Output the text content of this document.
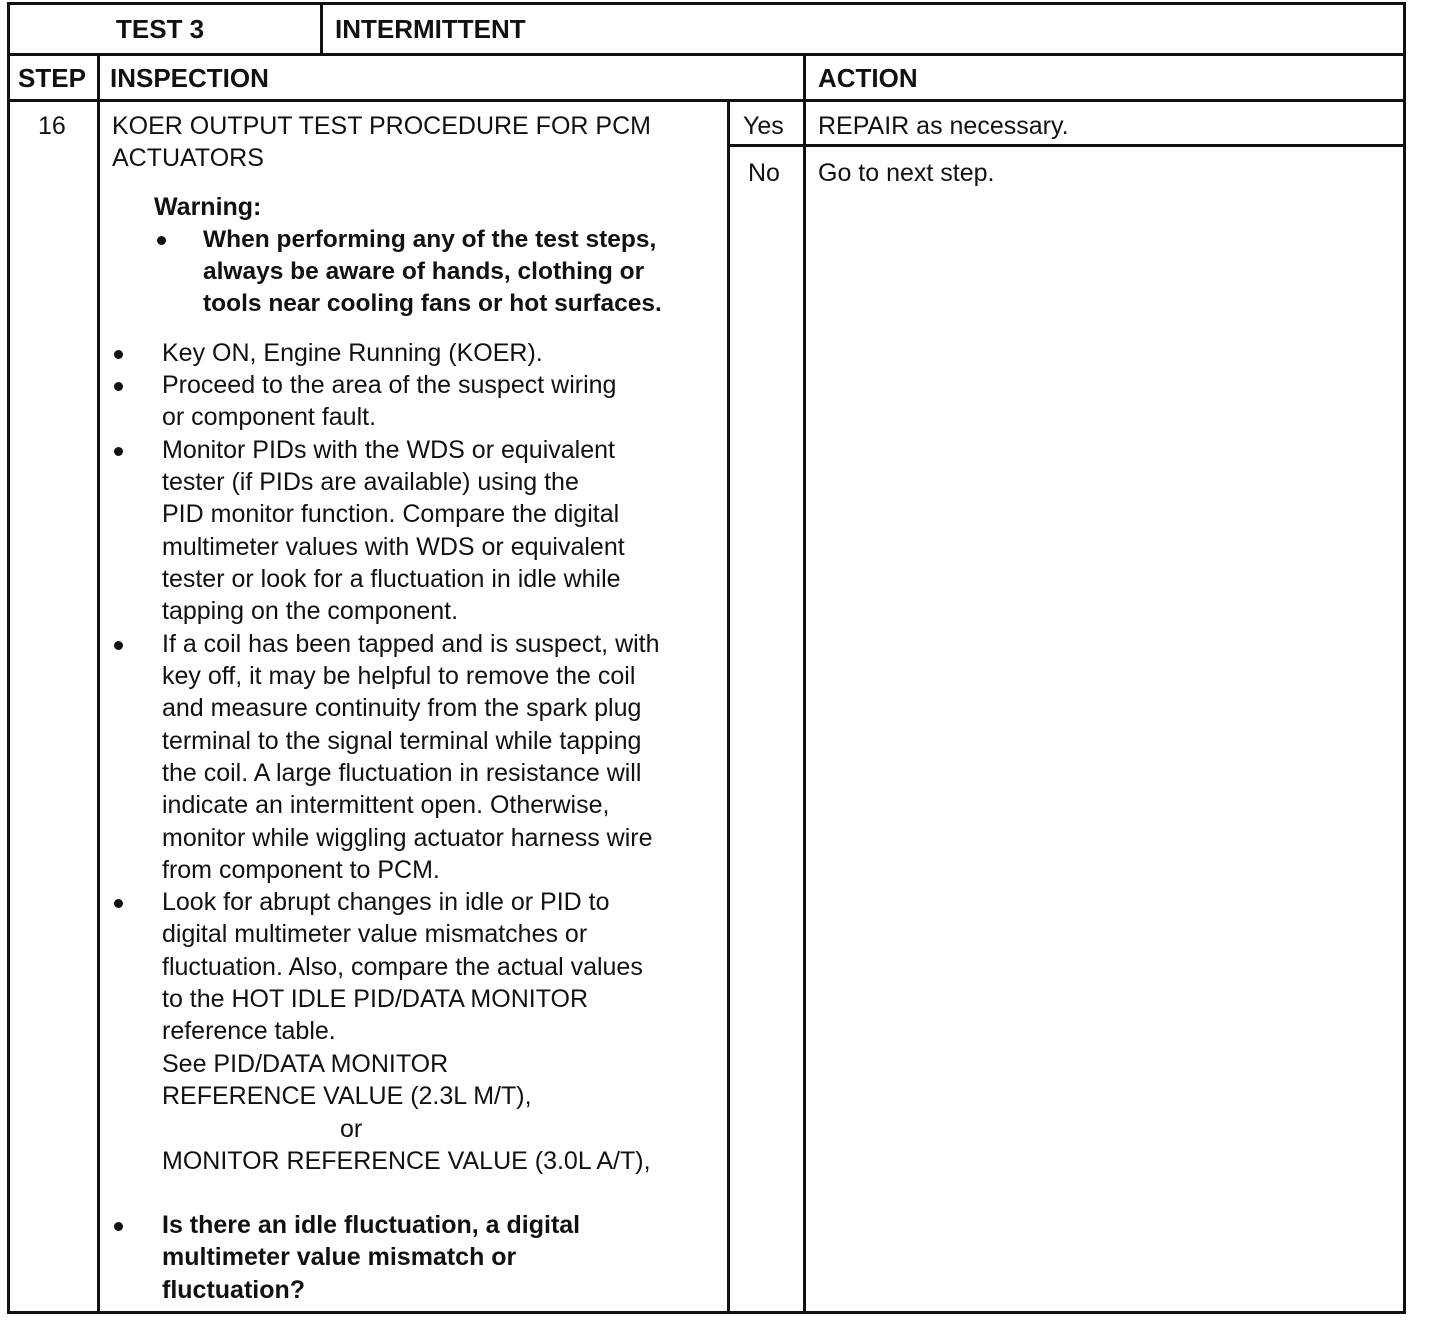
TEST 3	INTERMITTENT
STEP INSPECTION	ACTION
16 KOER OUTPUT TEST PROCEDURE FOR PCM
ACTUATORS
Warning:
When performing any of the test steps,
always be aware of hands, clothing or
tools near cooling fans or hot surfaces.
Key ON, Engine Running (KOER).
Proceed to the area of the suspect wiring
or component fault.
Monitor PIDs with the WDS or equivalent
tester (if PIDs are available) using the
PID monitor function. Compare the digital
multimeter values with WDS or equivalent
tester or look for a fluctuation in idle while
tapping on the component.
If a coil has been tapped and is suspect, with
key off, it may be helpful to remove the coil
and measure continuity from the spark plug
terminal to the signal terminal while tapping
the coil. A large fluctuation in resistance will
indicate an intermittent open. Otherwise,
monitor while wiggling actuator harness wire
from component to PCM.
Look for abrupt changes in idle or PID to
digital multimeter value mismatches or
fluctuation. Also, compare the actual values
to the HOT IDLE PID/DATA MONITOR
reference table.
See PID/DATA MONITOR
REFERENCE VALUE (2.3L M/T),
or
MONITOR REFERENCE VALUE (3.0L A/T),
Is there an idle fluctuation, a digital
multimeter value mismatch or
fluctuation?
Yes REPAIR as necessary.
No Go to next step.
